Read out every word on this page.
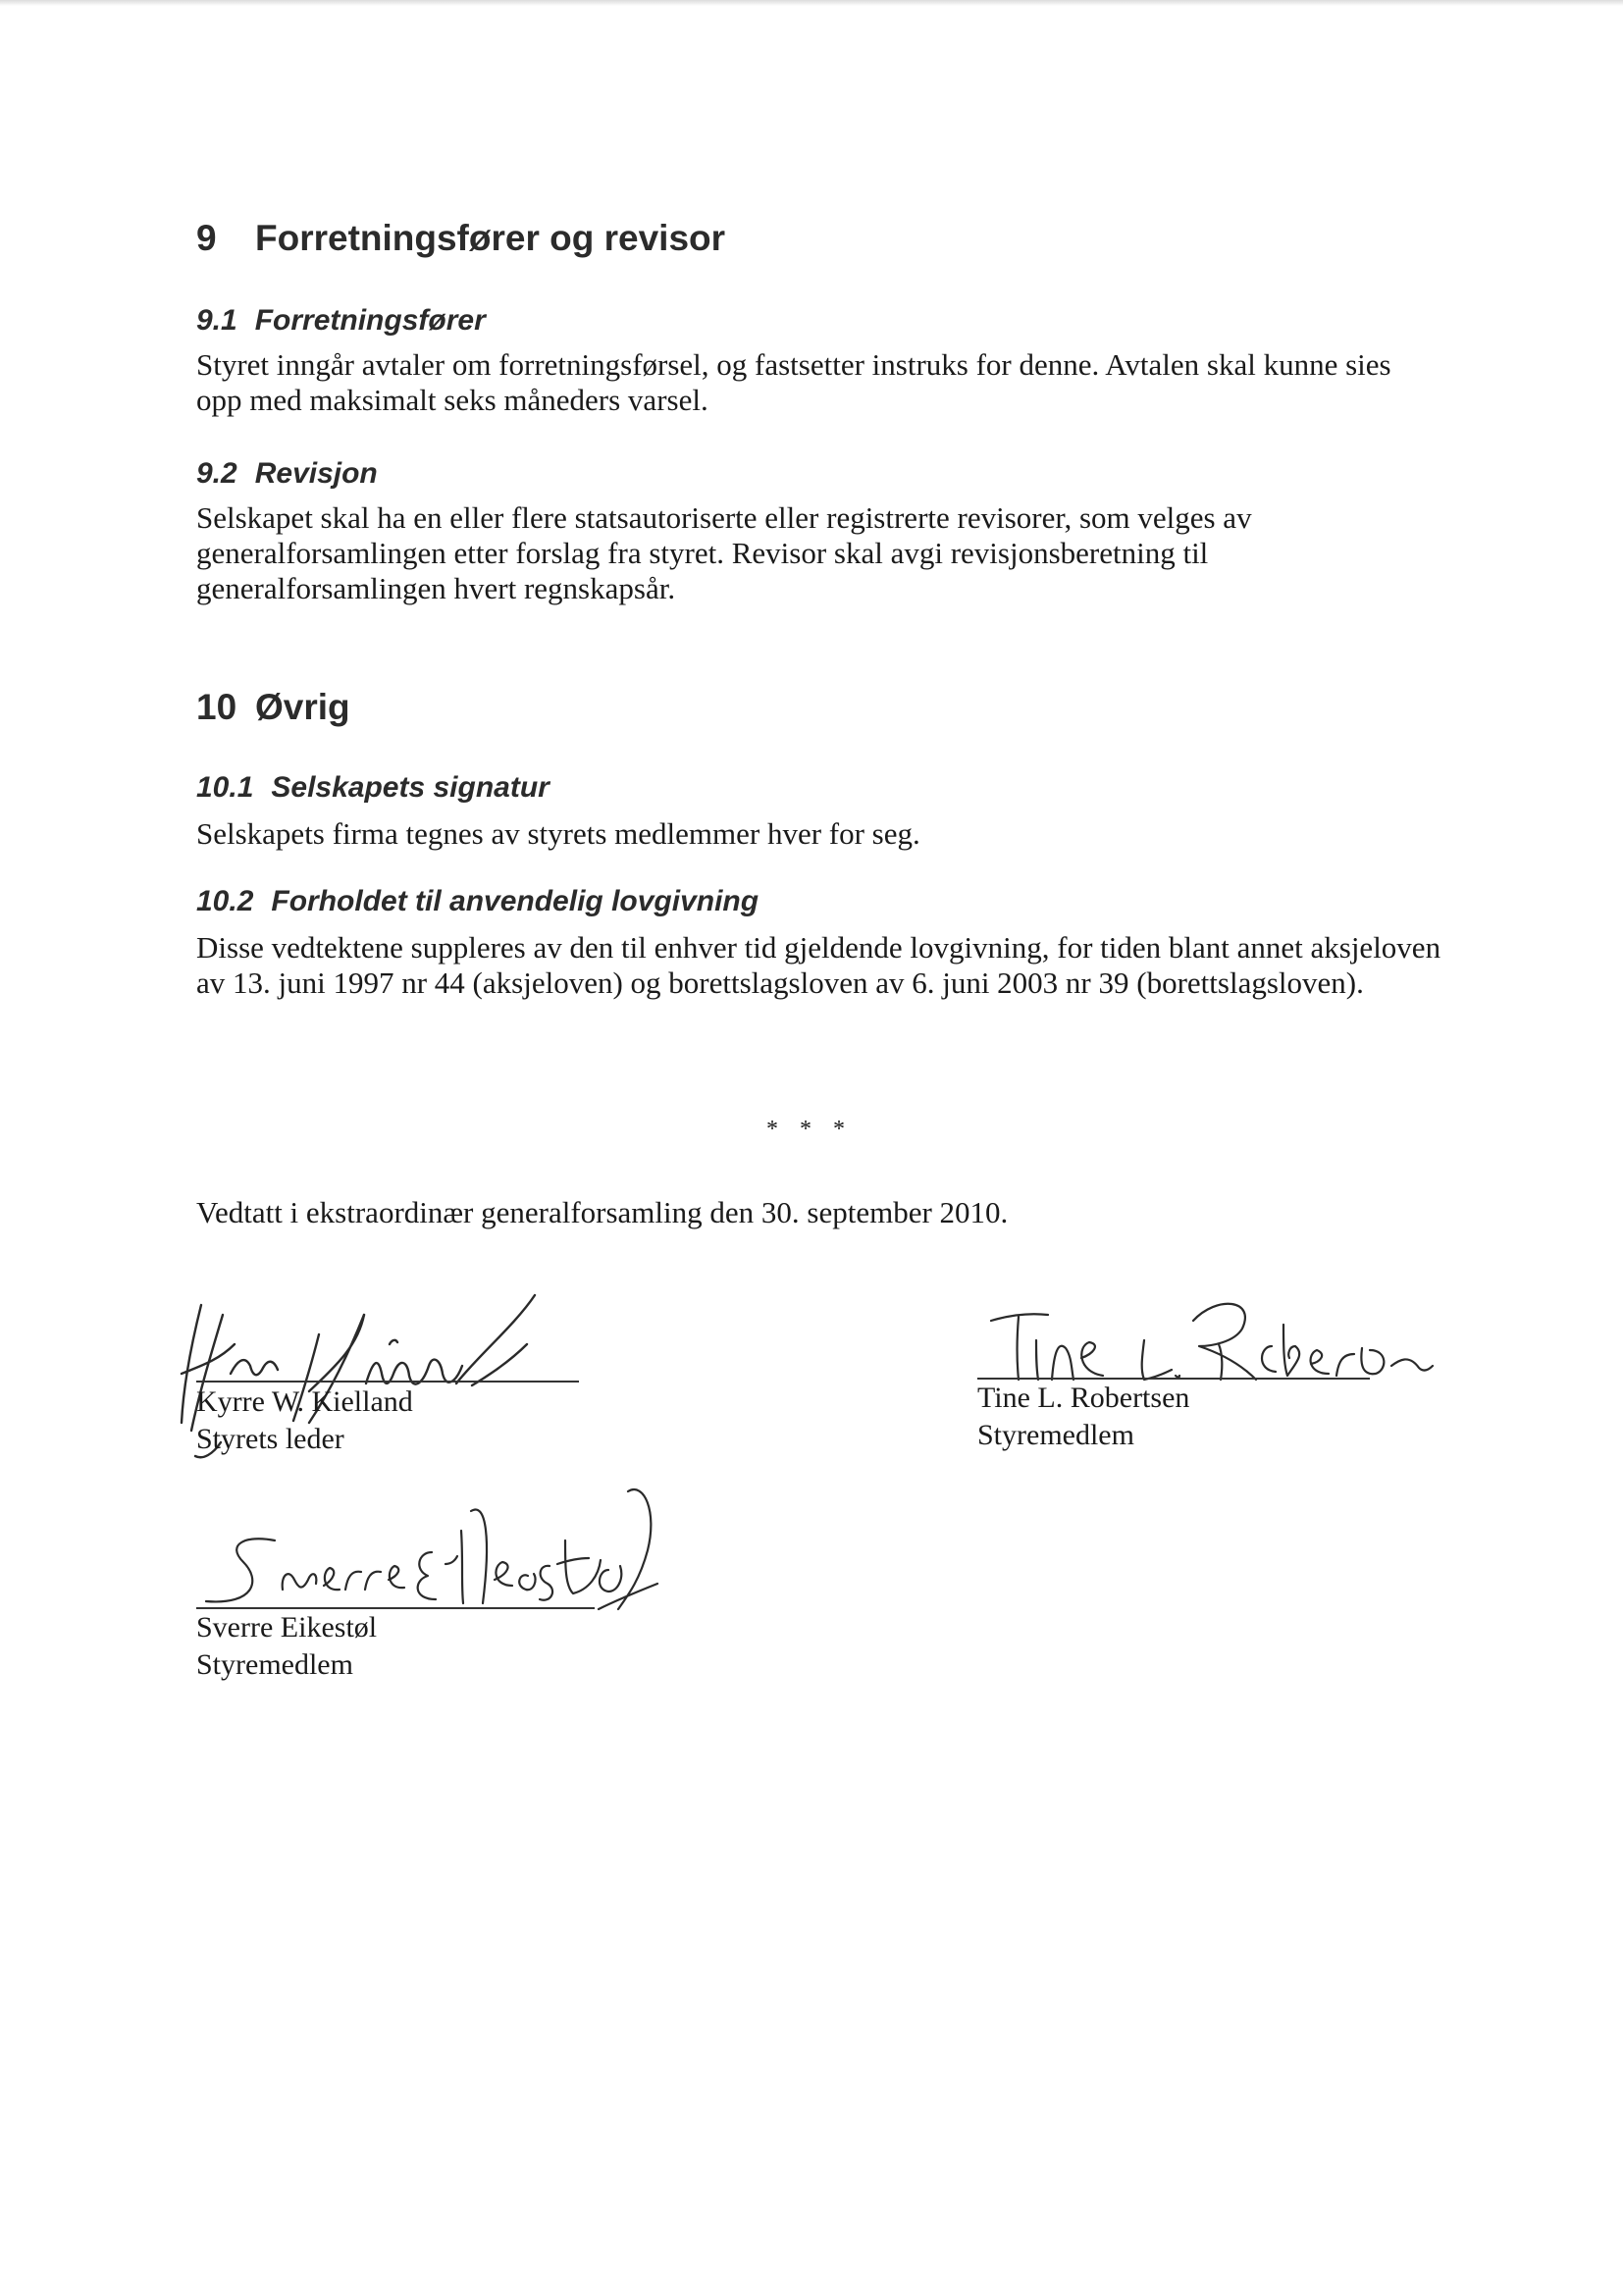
9 Forretningsfører og revisor
9.1 Forretningsfører

Styret inngår avtaler om forretningsførsel, og fastsetter instruks for denne. Avtalen skal kunne sies opp med maksimalt seks måneders varsel.

9.2 Revisjon

Selskapet skal ha en eller flere statsautoriserte eller registrerte revisorer, som velges av generalforsamlingen etter forslag fra styret. Revisor skal avgi revisjonsberetning til generalforsamlingen hvert regnskapsår.

10 Øvrig
10.1 Selskapets signatur

Selskapets firma tegnes av styrets medlemmer hver for seg.

10.2 Forholdet til anvendelig lovgivning

Disse vedtektene suppleres av den til enhver tid gjeldende lovgivning, for tiden blant annet aksjeloven av 13. juni 1997 nr 44 (aksjeloven) og borettslagsloven av 6. juni 2003 nr 39 (borettslagsloven).

* * *
Vedtatt i ekstraordinær generalforsamling den 30. september 2010.
Kyrre W. Kielland
Styrets leder
Tine L. Robertsen
Styremedlem
Sverre Eikestøl
Styremedlem
